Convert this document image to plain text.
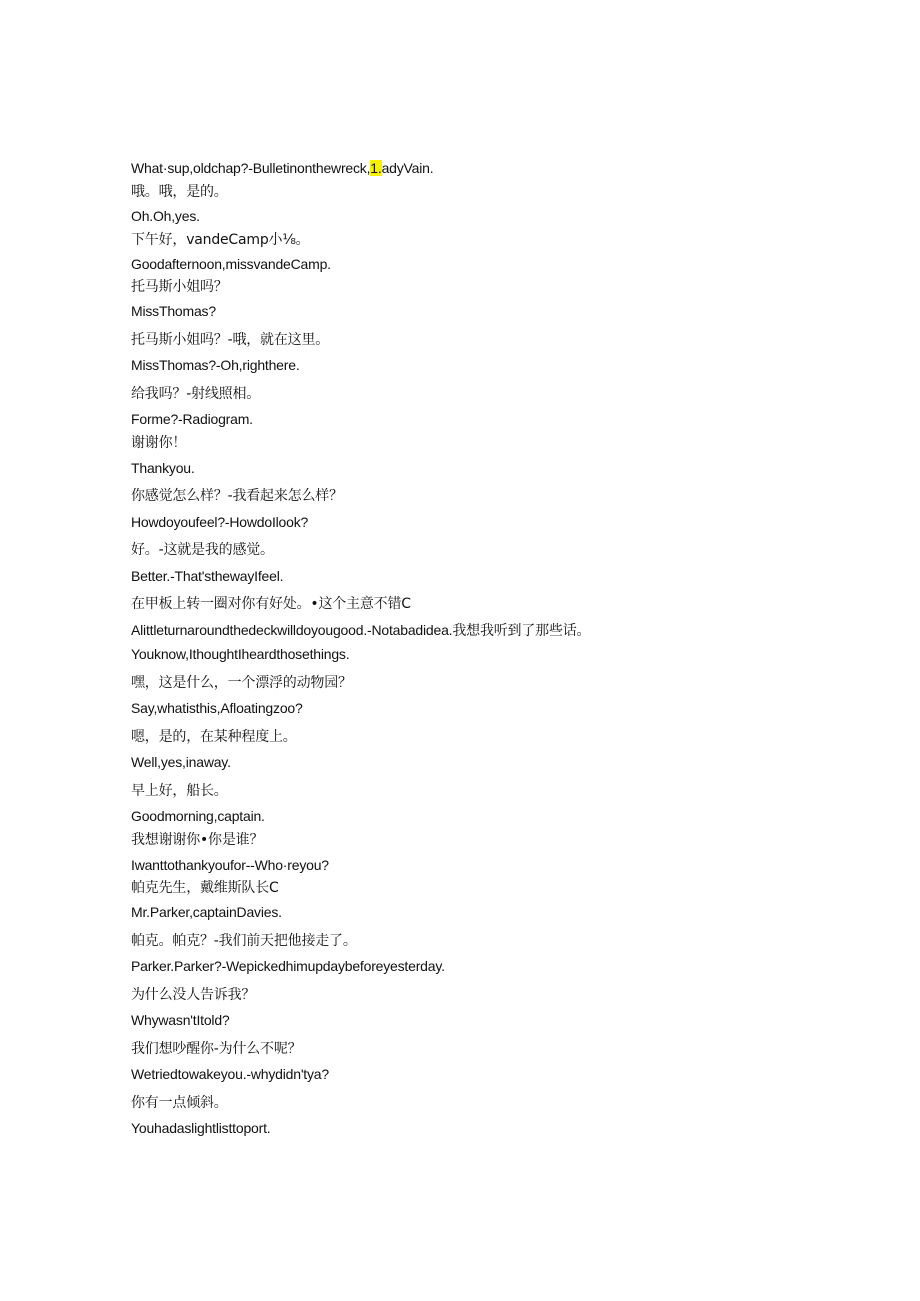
What·sup,oldchap?-Bulletinonthewreck,1.adyVain.
哦。哦，是的。
Oh.Oh,yes.
下午好，vandeCamp小⅛。
Goodafternoon,missvandeCamp.
托马斯小姐吗？
MissThomas?
托马斯小姐吗？-哦，就在这里。
MissThomas?-Oh,righthere.
给我吗？-射线照相。
Forme?-Radiogram.
谢谢你！
Thankyou.
你感觉怎么样？-我看起来怎么样？
Howdoyoufeel?-HowdoIlook?
好。-这就是我的感觉。
Better.-That'sthewayIfeel.
在甲板上转一圈对你有好处。•这个主意不错C
Alittleturnaroundthedeckwilldoyougood.-Notabadidea.我想我听到了那些话。
Youknow,IthoughtIheardthosethings.
嘿，这是什么，一个漂浮的动物园？
Say,whatisthis,Afloatingzoo?
嗯，是的，在某种程度上。
Well,yes,inaway.
早上好，船长。
Goodmorning,captain.
我想谢谢你•你是谁？
Iwanttothankyoufor--Who·reyou?
帕克先生，戴维斯队长C
Mr.Parker,captainDavies.
帕克。帕克？-我们前天把他接走了。
Parker.Parker?-Wepickedhimupdaybeforeyesterday.
为什么没人告诉我？
Whywasn'tItold?
我们想吵醒你-为什么不呢？
Wetriedtowakeyou.-whydidn'tya?
你有一点倾斜。
Youhadaslightlisttoport.
